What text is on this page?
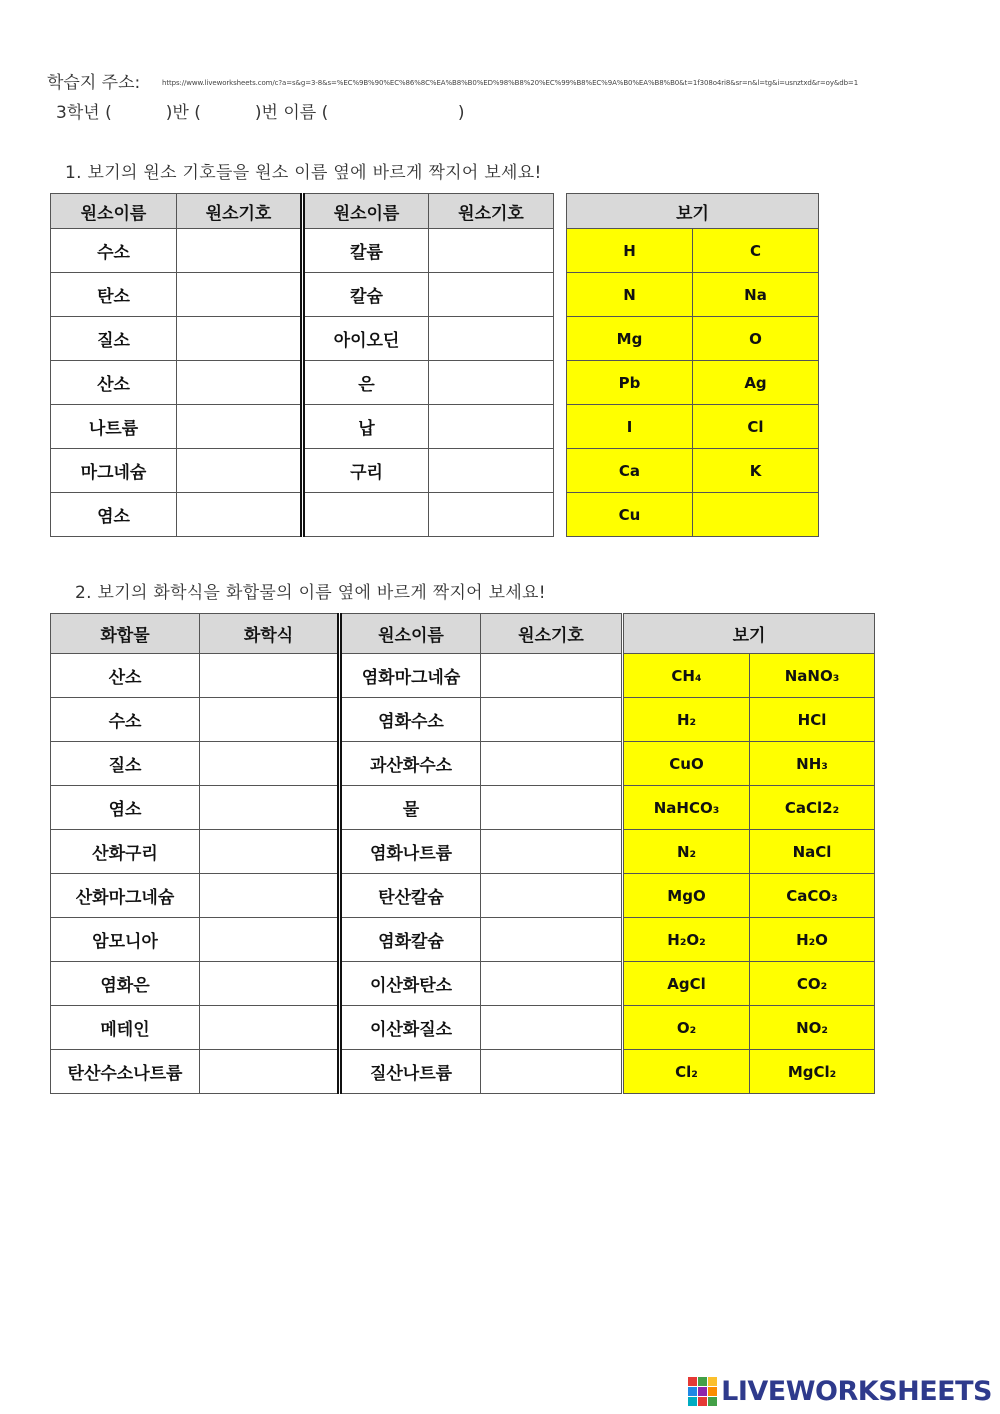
학습지 주소:	https://www.liveworksheets.com/c?a=s&g=3-8&s=%EC%9B%90%EC%86%8C%EA%B8%B0%ED%98%B8%20%EC%99%B8%EC%9A%B0%EA%B8%B0&t=1f308o4ri8&sr=n&l=tg&i=usnztxd&r=oy&db=1
3학년 (          )반 (          )번 이름 (                        )
1. 보기의 원소 기호들을 원소 이름 옆에 바르게 짝지어 보세요!
원소이름	원소기호	원소이름	원소기호
수소		칼륨	
탄소		칼슘	
질소		아이오딘	
산소		은	
나트륨		납	
마그네슘		구리	
염소			
보기	
H	C
N	Na
Mg	O
Pb	Ag
I	Cl
Ca	K
Cu	
2. 보기의 화학식을 화합물의 이름 옆에 바르게 짝지어 보세요!
화합물	화학식	원소이름	원소기호
산소		염화마그네슘	
수소		염화수소	
질소		과산화수소	
염소		물	
산화구리		염화나트륨	
산화마그네슘		탄산칼슘	
암모니아		염화칼슘	
염화은		이산화탄소	
메테인		이산화질소	
탄산수소나트륨		질산나트륨	
보기	
CH₄	NaNO₃
H₂	HCl
CuO	NH₃
NaHCO₃	CaCl2₂
N₂	NaCl
MgO	CaCO₃
H₂O₂	H₂O
AgCl	CO₂
O₂	NO₂
Cl₂	MgCl₂
LIVEWORKSHEETS
